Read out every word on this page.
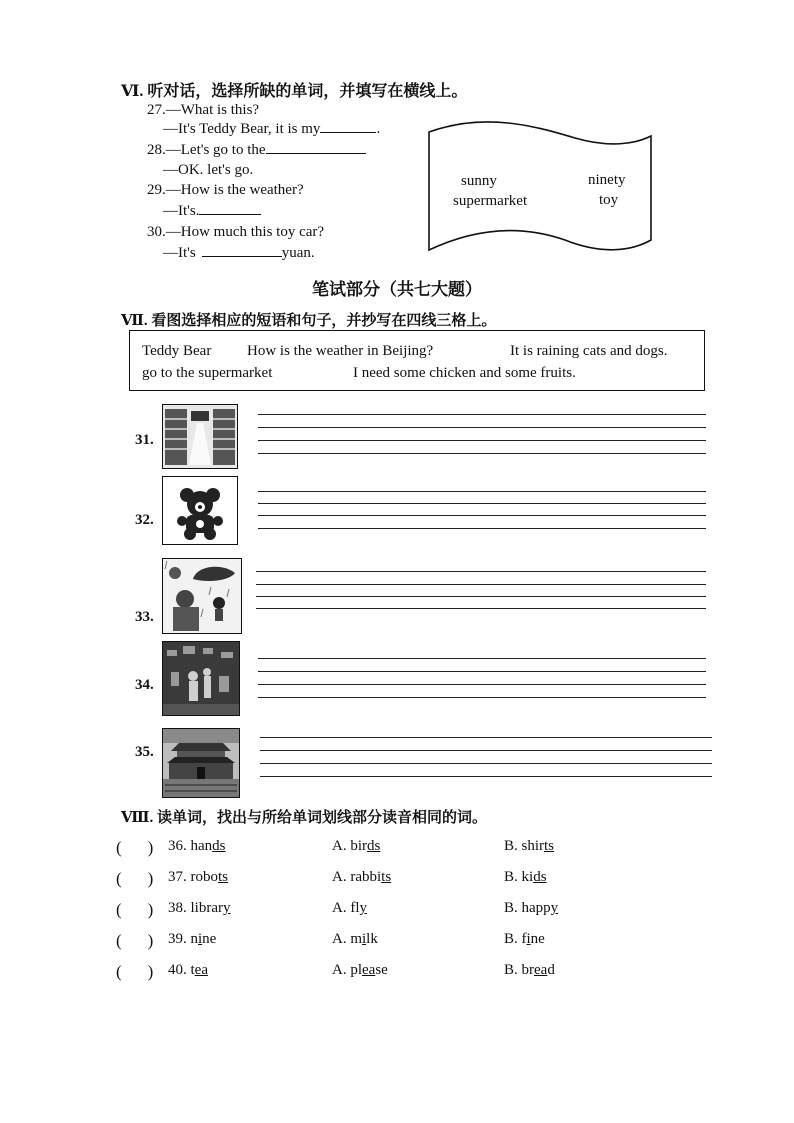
Ⅵ. 听对话，选择所缺的单词，并填写在横线上。
27.—What is this?
—It's Teddy Bear, it is my	.
28.—Let's go to the
—OK. let's go.
29.—How is the weather?
—It's.
30.—How much this toy car?
—It's	yuan.
sunny	ninety
supermarket	toy
笔试部分（共七大题）
Ⅶ. 看图选择相应的短语和句子，并抄写在四线三格上。
Teddy Bear How is the weather in Beijing?	It is raining cats and dogs.
go to the supermarket	I need some chicken and some fruits.
31.
32.
33.
34.
35.
Ⅷ. 读单词，找出与所给单词划线部分读音相同的词。
( ) 36. hands	A. birds	B. shirts
( ) 37. robots	A. rabbits	B. kids
( ) 38. library	A. fly	B. happy
( ) 39. nine	A. milk	B. fine
( ) 40. tea	A. please	B. bread
